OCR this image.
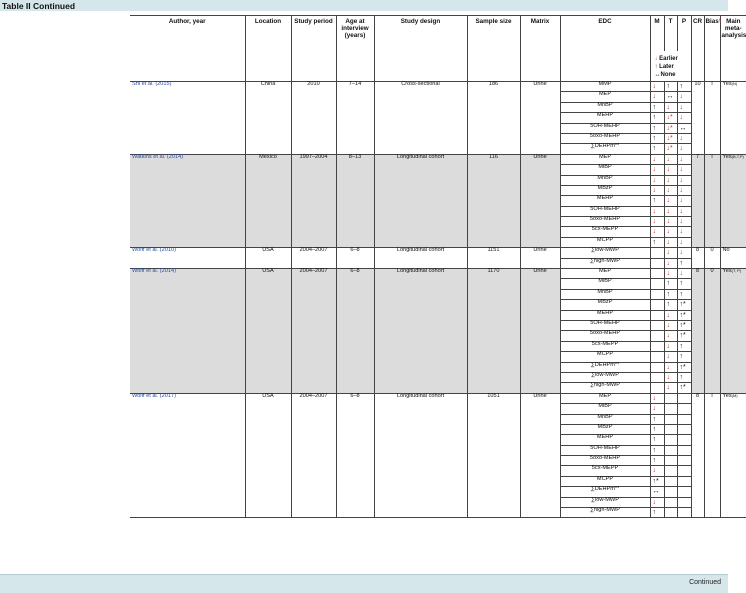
Table II Continued
Author, year	Location	Study period	Age at interview (years)	Study design	Sample size	Matrix	EDC	M	T	P	CR	Bias§	Main meta-analysis

								↓ Earlier
↑ Later
↔None					

Shi et al. (2015)	China	2010	7–14	Cross-sectional	186	Urine	MMP	↓	↑	↑	10	I	Yes$^{(N)}$
							MEP	↓	↔	↓			
							MnBP	↑	↓	↓			
							MEHP	↑	↓*	↓			
							5OH-MEHP	↑	↓*	↔			
							5oxo-MEHP	↑	↓*	↓			
							∑DEHPm**	↑	↓*	↓			
Watkins et al. (2014)	Mexico	1997–2004	8–13	Longitudinal cohort	116	Urine	MEP	↓	↓	↓	7	I	Yes$^{(B,T,P)}$
							MiBP	↓	↓	↓			
							MnBP	↓	↓	↓			
							MBzP	↓	↓	↓			
							MEHP	↑	↓	↓			
							5OH-MEHP	↓	↓	↓			
							5oxo-MEHP	↓	↓	↓			
							5cx-MEPP	↓	↓	↓			
							MCPP	↑	↓	↓			
Wolff et al. (2010)	USA	2004–2007	6–8	Longitudinal cohort	1151	Urine	∑low-MWP		↓	↓	8	0	No
							∑high-MWP		↓	↑			
Wolff et al. (2014)	USA	2004–2007	6–8	Longitudinal cohort	1170	Urine	MEP		↓	↓	8	0	Yes$^{(T, P)}$
							MiBP		↑	↑			
							MnBP		↑	↑			
							MBzP		↑	↑*			
							MEHP		↓	↑*			
							5OH-MEHP		↓	↑*			
							5oxo-MEHP		↓	↑*			
							5cx-MEPP		↓	↑			
							MCPP		↓	↑			
							∑DEHPm**		↓	↑*			
							∑low-MWP		↓	↑			
							∑high-MWP		↓	↑*			
Wolff et al. (2017)	USA	2004–2007	6–8	Longitudinal cohort	1051	Urine	MEP	↓			8	I	Yes$^{(M)}$
							MiBP	↓					
							MnBP	↑					
							MBzP	↑					
							MEHP	↑					
							5OH-MEHP	↑					
							5oxo-MEHP	↑					
							5cx-MEPP	↓					
							MCPP	↑*					
							∑DEHPm**	↔					
							∑low-MWP	↓					
							∑high-MWP	↑					
Continued
